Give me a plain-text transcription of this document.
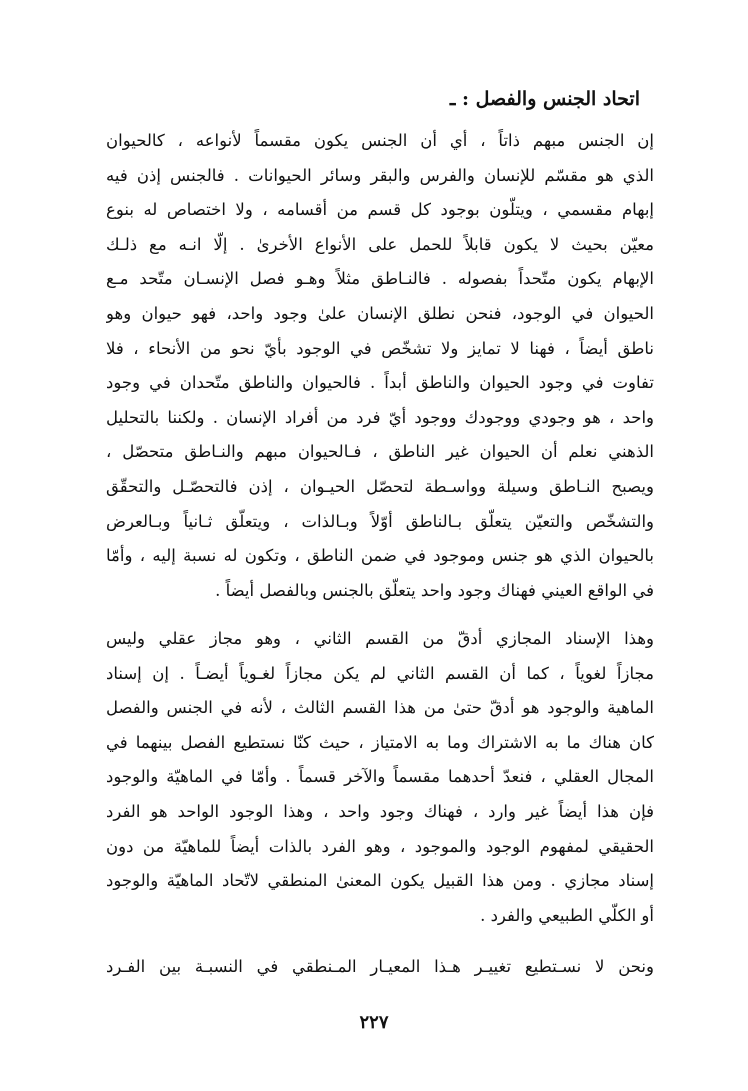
اتحاد الجنس والفصل : ـ
إن الجنس مبهم ذاتاً ، أي أن الجنس يكون مقسماً لأنواعه ، كالحيوان
الذي هو مقسّم للإنسان والفرس والبقر وسائر الحيوانات . فالجنس إذن فيه
إبهام مقسمي ، ويتلّون بوجود كل قسم من أقسامه ، ولا اختصاص له بنوع
معيّن بحيث لا يكون قابلاً للحمل على الأنواع الأخرىٰ . إلّا انـه مع ذلـك
الإبهام يكون متّحداً بفصوله . فالنـاطق مثلاً وهـو فصل الإنسـان متّحد مـع
الحيوان في الوجود، فنحن نطلق الإنسان علىٰ وجود واحد، فهو حيوان وهو
ناطق أيضاً ، فهنا لا تمايز ولا تشخّص في الوجود بأيّ نحو من الأنحاء ، فلا
تفاوت في وجود الحيوان والناطق أبداً . فالحيوان والناطق متّحدان في وجود
واحد ، هو وجودي ووجودك ووجود أيّ فرد من أفراد الإنسان . ولكننا بالتحليل
الذهني نعلم أن الحيوان غير الناطق ، فـالحيوان مبهم والنـاطق متحصّل ،
ويصبح النـاطق وسيلة وواسـطة لتحصّل الحيـوان ، إذن فالتحصّـل والتحقّق
والتشخّص والتعيّن يتعلّق بـالناطق أوّلاً وبـالذات ، ويتعلّق ثـانياً وبـالعرض
بالحيوان الذي هو جنس وموجود في ضمن الناطق ، وتكون له نسبة إليه ، وأمّا
في الواقع العيني فهناك وجود واحد يتعلّق بالجنس وبالفصل أيضاً .
وهذا الإسناد المجازي أدقّ من القسم الثاني ، وهو مجاز عقلي وليس
مجازاً لغوياً ، كما أن القسم الثاني لم يكن مجازاً لغـوياً أيضـاً . إن إسناد
الماهية والوجود هو أدقّ حتىٰ من هذا القسم الثالث ، لأنه في الجنس والفصل
كان هناك ما به الاشتراك وما به الامتياز ، حيث كنّا نستطيع الفصل بينهما في
المجال العقلي ، فنعدّ أحدهما مقسماً والآخر قسماً . وأمّا في الماهيّة والوجود
فإن هذا أيضاً غير وارد ، فهناك وجود واحد ، وهذا الوجود الواحد هو الفرد
الحقيقي لمفهوم الوجود والموجود ، وهو الفرد بالذات أيضاً للماهيّة من دون
إسناد مجازي . ومن هذا القبيل يكون المعنىٰ المنطقي لاتّحاد الماهيّة والوجود
أو الكلّي الطبيعي والفرد .
ونحن لا نسـتطيع تغييـر هـذا المعيـار المـنطقي في النسبـة بين الفـرد
٢٢٧
